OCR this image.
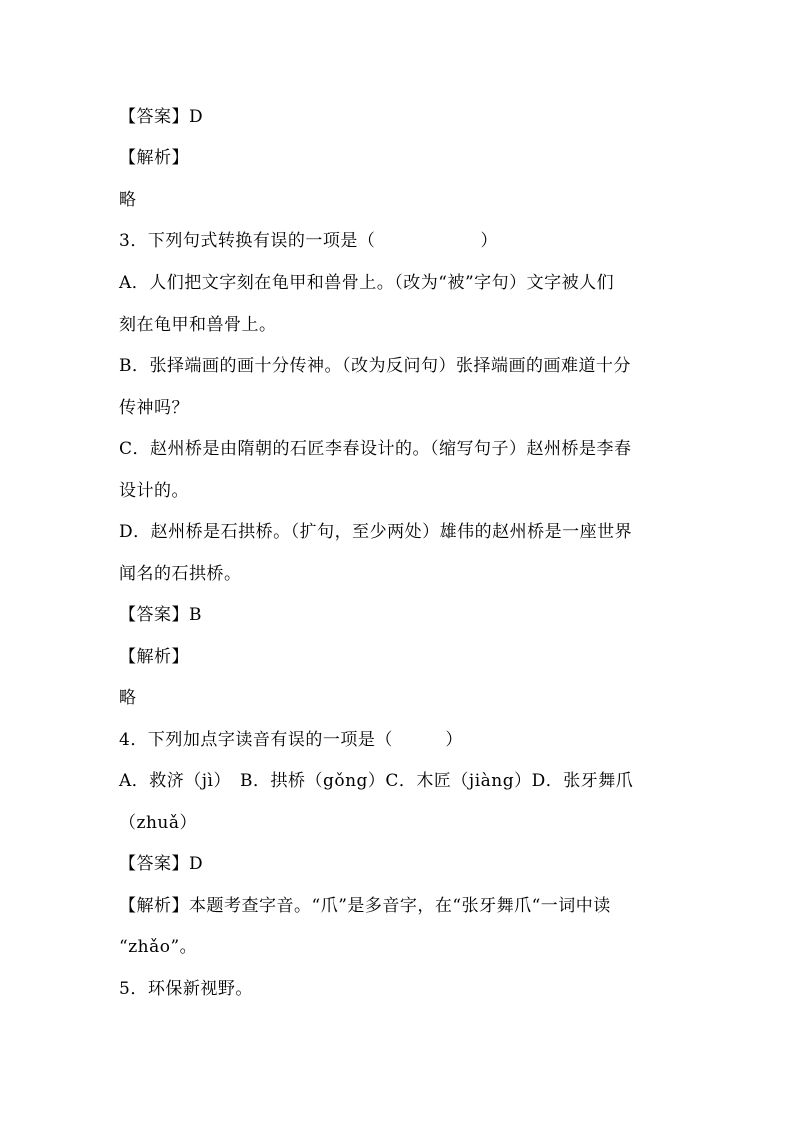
【答案】D
【解析】
略
3．下列句式转换有误的一项是（　　　　　　）
A．人们把文字刻在龟甲和兽骨上。（改为“被”字句）文字被人们
刻在龟甲和兽骨上。
B．张择端画的画十分传神。（改为反问句）张择端画的画难道十分
传神吗？
C．赵州桥是由隋朝的石匠李春设计的。（缩写句子）赵州桥是李春
设计的。
D．赵州桥是石拱桥。（扩句，至少两处）雄伟的赵州桥是一座世界
闻名的石拱桥。
【答案】B
【解析】
略
4．下列加点字读音有误的一项是（　　　）
A．救济（jì）　B．拱桥（gǒng）C．木匠（jiàng）D．张牙舞爪
（zhuǎ）
【答案】D
【解析】本题考查字音。“爪”是多音字，在“张牙舞爪“一词中读
“zhǎo”。
5．环保新视野。
